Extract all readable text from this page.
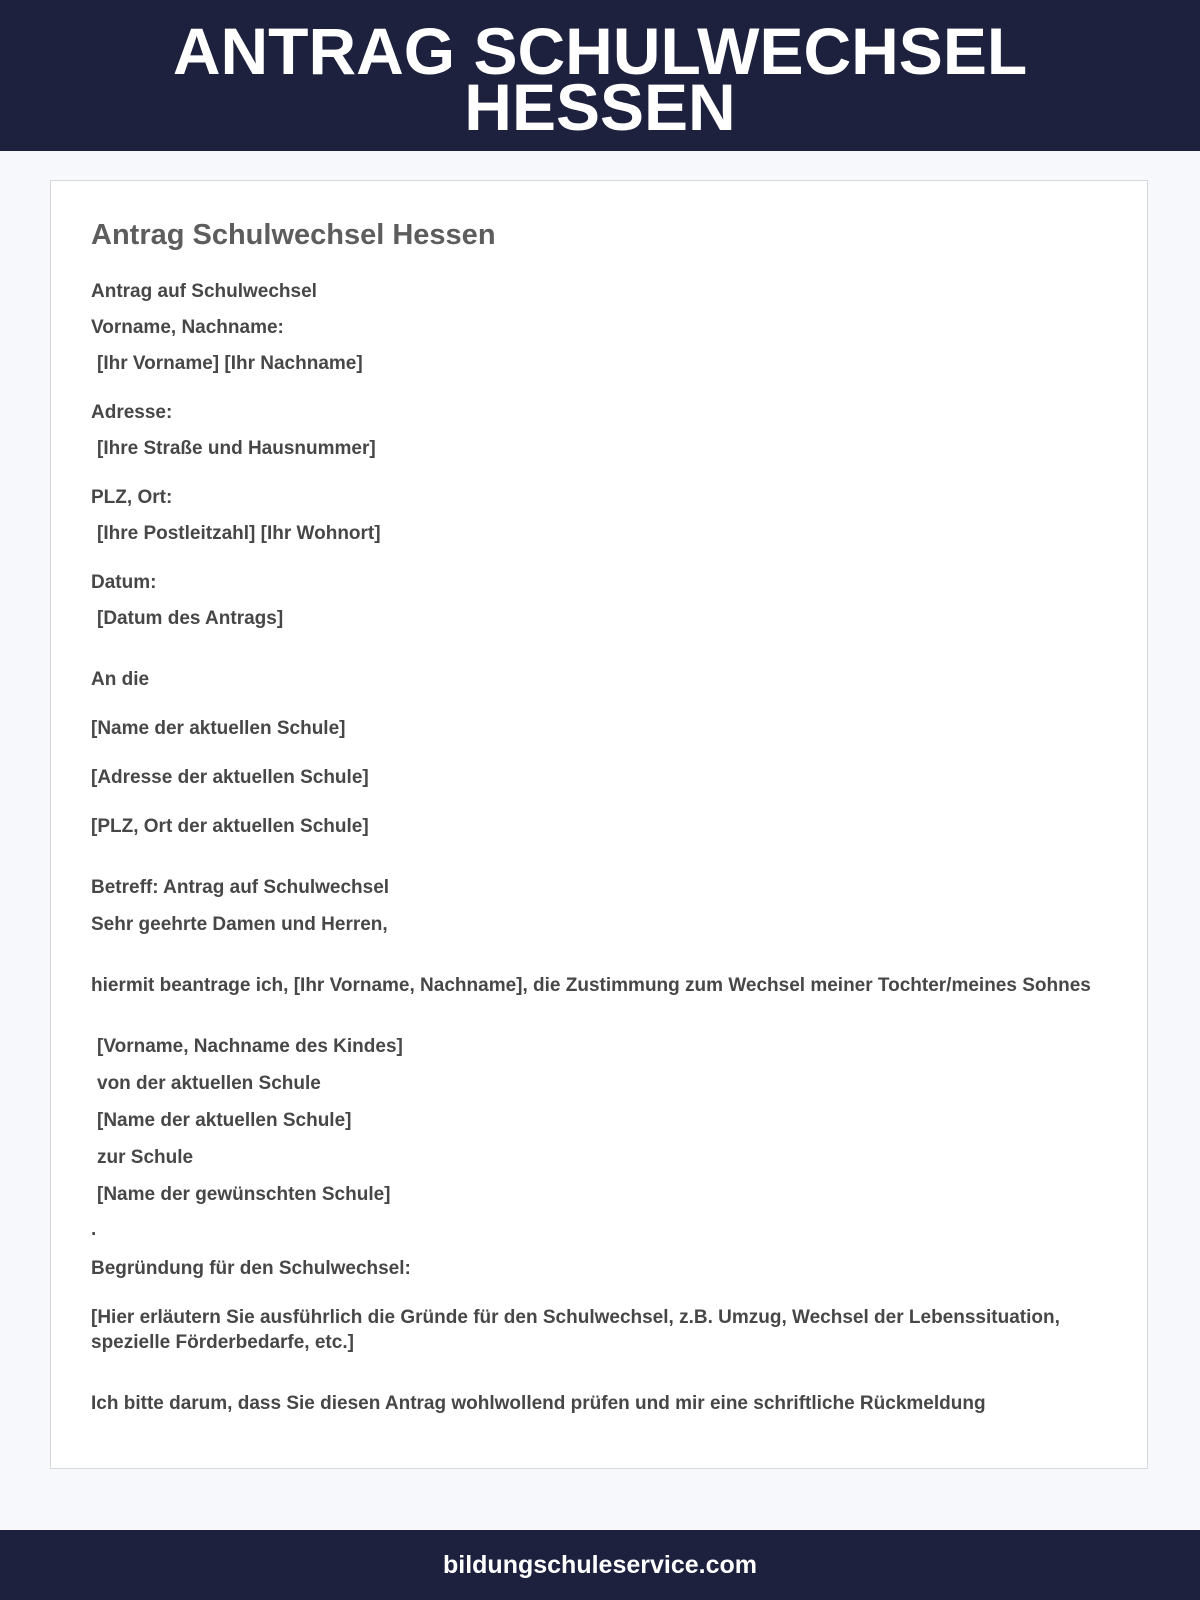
ANTRAG SCHULWECHSEL HESSEN
Antrag Schulwechsel Hessen
Antrag auf Schulwechsel
Vorname, Nachname:
[Ihr Vorname] [Ihr Nachname]
Adresse:
[Ihre Straße und Hausnummer]
PLZ, Ort:
[Ihre Postleitzahl] [Ihr Wohnort]
Datum:
[Datum des Antrags]
An die
[Name der aktuellen Schule]
[Adresse der aktuellen Schule]
[PLZ, Ort der aktuellen Schule]
Betreff: Antrag auf Schulwechsel
Sehr geehrte Damen und Herren,
hiermit beantrage ich, [Ihr Vorname, Nachname], die Zustimmung zum Wechsel meiner Tochter/meines Sohnes
[Vorname, Nachname des Kindes]
von der aktuellen Schule
[Name der aktuellen Schule]
zur Schule
[Name der gewünschten Schule]
.
Begründung für den Schulwechsel:
[Hier erläutern Sie ausführlich die Gründe für den Schulwechsel, z.B. Umzug, Wechsel der Lebenssituation, spezielle Förderbedarfe, etc.]
Ich bitte darum, dass Sie diesen Antrag wohlwollend prüfen und mir eine schriftliche Rückmeldung
bildungschuleservice.com
